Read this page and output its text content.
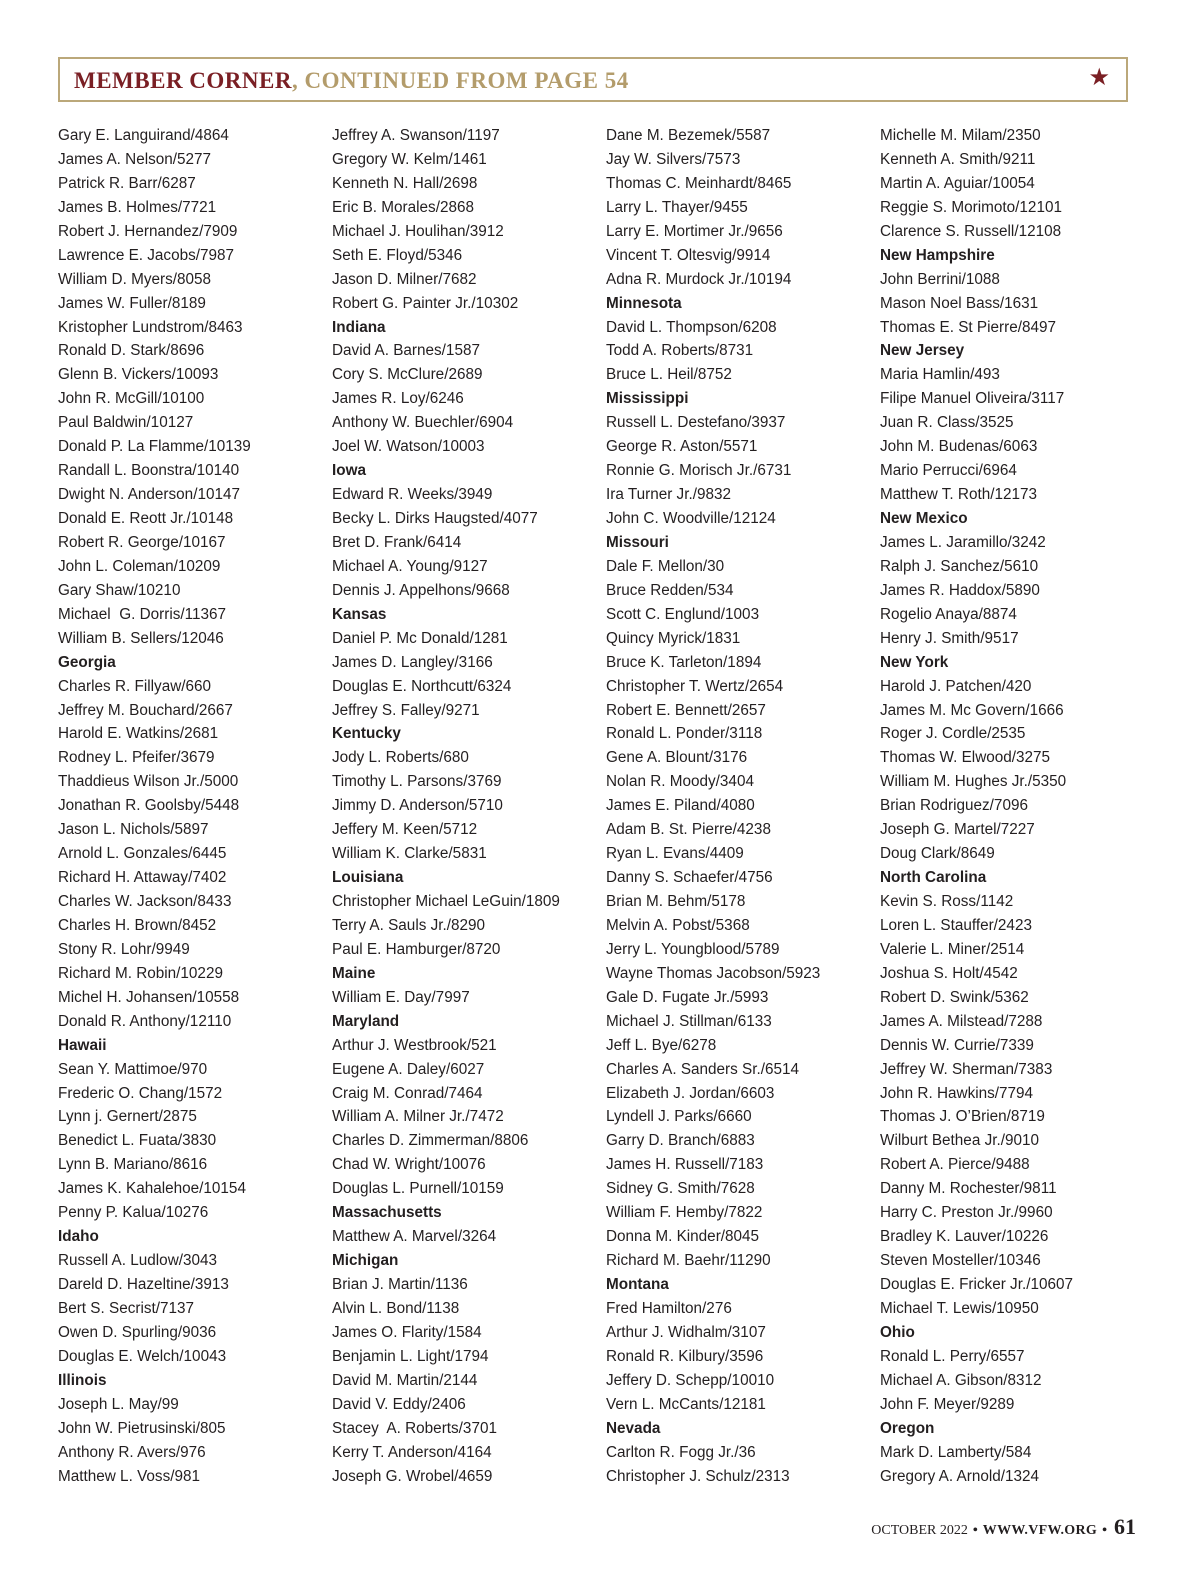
MEMBER CORNER, CONTINUED FROM PAGE 54	★
Gary E. Languirand/4864
James A. Nelson/5277
Patrick R. Barr/6287
James B. Holmes/7721
Robert J. Hernandez/7909
Lawrence E. Jacobs/7987
William D. Myers/8058
James W. Fuller/8189
Kristopher Lundstrom/8463
Ronald D. Stark/8696
Glenn B. Vickers/10093
John R. McGill/10100
Paul Baldwin/10127
Donald P. La Flamme/10139
Randall L. Boonstra/10140
Dwight N. Anderson/10147
Donald E. Reott Jr./10148
Robert R. George/10167
John L. Coleman/10209
Gary Shaw/10210
Michael  G. Dorris/11367
William B. Sellers/12046
Georgia
Charles R. Fillyaw/660
Jeffrey M. Bouchard/2667
Harold E. Watkins/2681
Rodney L. Pfeifer/3679
Thaddieus Wilson Jr./5000
Jonathan R. Goolsby/5448
Jason L. Nichols/5897
Arnold L. Gonzales/6445
Richard H. Attaway/7402
Charles W. Jackson/8433
Charles H. Brown/8452
Stony R. Lohr/9949
Richard M. Robin/10229
Michel H. Johansen/10558
Donald R. Anthony/12110
Hawaii
Sean Y. Mattimoe/970
Frederic O. Chang/1572
Lynn j. Gernert/2875
Benedict L. Fuata/3830
Lynn B. Mariano/8616
James K. Kahalehoe/10154
Penny P. Kalua/10276
Idaho
Russell A. Ludlow/3043
Dareld D. Hazeltine/3913
Bert S. Secrist/7137
Owen D. Spurling/9036
Douglas E. Welch/10043
Illinois
Joseph L. May/99
John W. Pietrusinski/805
Anthony R. Avers/976
Matthew L. Voss/981
Jeffrey A. Swanson/1197
Gregory W. Kelm/1461
Kenneth N. Hall/2698
Eric B. Morales/2868
Michael J. Houlihan/3912
Seth E. Floyd/5346
Jason D. Milner/7682
Robert G. Painter Jr./10302
Indiana
David A. Barnes/1587
Cory S. McClure/2689
James R. Loy/6246
Anthony W. Buechler/6904
Joel W. Watson/10003
Iowa
Edward R. Weeks/3949
Becky L. Dirks Haugsted/4077
Bret D. Frank/6414
Michael A. Young/9127
Dennis J. Appelhons/9668
Kansas
Daniel P. Mc Donald/1281
James D. Langley/3166
Douglas E. Northcutt/6324
Jeffrey S. Falley/9271
Kentucky
Jody L. Roberts/680
Timothy L. Parsons/3769
Jimmy D. Anderson/5710
Jeffery M. Keen/5712
William K. Clarke/5831
Louisiana
Christopher Michael LeGuin/1809
Terry A. Sauls Jr./8290
Paul E. Hamburger/8720
Maine
William E. Day/7997
Maryland
Arthur J. Westbrook/521
Eugene A. Daley/6027
Craig M. Conrad/7464
William A. Milner Jr./7472
Charles D. Zimmerman/8806
Chad W. Wright/10076
Douglas L. Purnell/10159
Massachusetts
Matthew A. Marvel/3264
Michigan
Brian J. Martin/1136
Alvin L. Bond/1138
James O. Flarity/1584
Benjamin L. Light/1794
David M. Martin/2144
David V. Eddy/2406
Stacey  A. Roberts/3701
Kerry T. Anderson/4164
Joseph G. Wrobel/4659
Dane M. Bezemek/5587
Jay W. Silvers/7573
Thomas C. Meinhardt/8465
Larry L. Thayer/9455
Larry E. Mortimer Jr./9656
Vincent T. Oltesvig/9914
Adna R. Murdock Jr./10194
Minnesota
David L. Thompson/6208
Todd A. Roberts/8731
Bruce L. Heil/8752
Mississippi
Russell L. Destefano/3937
George R. Aston/5571
Ronnie G. Morisch Jr./6731
Ira Turner Jr./9832
John C. Woodville/12124
Missouri
Dale F. Mellon/30
Bruce Redden/534
Scott C. Englund/1003
Quincy Myrick/1831
Bruce K. Tarleton/1894
Christopher T. Wertz/2654
Robert E. Bennett/2657
Ronald L. Ponder/3118
Gene A. Blount/3176
Nolan R. Moody/3404
James E. Piland/4080
Adam B. St. Pierre/4238
Ryan L. Evans/4409
Danny S. Schaefer/4756
Brian M. Behm/5178
Melvin A. Pobst/5368
Jerry L. Youngblood/5789
Wayne Thomas Jacobson/5923
Gale D. Fugate Jr./5993
Michael J. Stillman/6133
Jeff L. Bye/6278
Charles A. Sanders Sr./6514
Elizabeth J. Jordan/6603
Lyndell J. Parks/6660
Garry D. Branch/6883
James H. Russell/7183
Sidney G. Smith/7628
William F. Hemby/7822
Donna M. Kinder/8045
Richard M. Baehr/11290
Montana
Fred Hamilton/276
Arthur J. Widhalm/3107
Ronald R. Kilbury/3596
Jeffery D. Schepp/10010
Vern L. McCants/12181
Nevada
Carlton R. Fogg Jr./36
Christopher J. Schulz/2313
Michelle M. Milam/2350
Kenneth A. Smith/9211
Martin A. Aguiar/10054
Reggie S. Morimoto/12101
Clarence S. Russell/12108
New Hampshire
John Berrini/1088
Mason Noel Bass/1631
Thomas E. St Pierre/8497
New Jersey
Maria Hamlin/493
Filipe Manuel Oliveira/3117
Juan R. Class/3525
John M. Budenas/6063
Mario Perrucci/6964
Matthew T. Roth/12173
New Mexico
James L. Jaramillo/3242
Ralph J. Sanchez/5610
James R. Haddox/5890
Rogelio Anaya/8874
Henry J. Smith/9517
New York
Harold J. Patchen/420
James M. Mc Govern/1666
Roger J. Cordle/2535
Thomas W. Elwood/3275
William M. Hughes Jr./5350
Brian Rodriguez/7096
Joseph G. Martel/7227
Doug Clark/8649
North Carolina
Kevin S. Ross/1142
Loren L. Stauffer/2423
Valerie L. Miner/2514
Joshua S. Holt/4542
Robert D. Swink/5362
James A. Milstead/7288
Dennis W. Currie/7339
Jeffrey W. Sherman/7383
John R. Hawkins/7794
Thomas J. O’Brien/8719
Wilburt Bethea Jr./9010
Robert A. Pierce/9488
Danny M. Rochester/9811
Harry C. Preston Jr./9960
Bradley K. Lauver/10226
Steven Mosteller/10346
Douglas E. Fricker Jr./10607
Michael T. Lewis/10950
Ohio
Ronald L. Perry/6557
Michael A. Gibson/8312
John F. Meyer/9289
Oregon
Mark D. Lamberty/584
Gregory A. Arnold/1324
OCTOBER 2022 • WWW.VFW.ORG • 61
